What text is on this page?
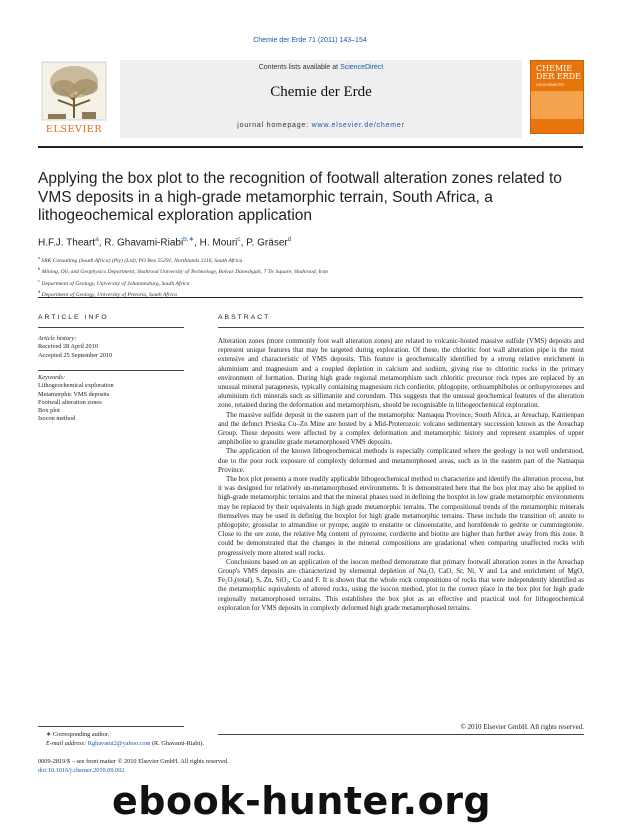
Chemie der Erde 71 (2011) 143–154
ELSEVIER
Contents lists available at ScienceDirect
Chemie der Erde
journal homepage: www.elsevier.de/chemer
CHEMIE
DER ERDE
GEOCHEMISTRY
Applying the box plot to the recognition of footwall alteration zones related to VMS deposits in a high-grade metamorphic terrain, South Africa, a lithogeochemical exploration application
H.F.J. Theart$^a$, R. Ghavami-Riabi$^{b,∗}$, H. Mouri$^c$, P. Gräser$^d$
$^a$ SRK Consulting (South Africa) (Pty) (Ltd), PO Box 55291, Northlands 2116, South Africa
$^b$ Mining, Oil, and Geophysics Department, Shahrood University of Technology, Bolvar Daneshgah, 7 Tir Square, Shahrood, Iran
$^c$ Department of Geology, University of Johannesburg, South Africa
$^d$ Department of Geology, University of Pretoria, South Africa
ARTICLE INFO
Article history:
Received 28 April 2010
Accepted 25 September 2010
Keywords:
Lithogeochemical exploration
Metamorphic VMS deposits
Footwall alteration zones
Box plot
Isocon method
ABSTRACT

Alteration zones (more commonly foot wall alteration zones) are related to volcanic-hosted massive sulfide (VMS) deposits and represent unique features that may be targeted during exploration. Of these, the chloritic foot wall alteration pipe is the most extensive and characteristic of VMS deposits. This feature is geochemically identified by a strong relative enrichment in aluminium and magnesium and a coupled depletion in calcium and sodium, giving rise to chloritic rocks in the primary environment of formation. During high grade regional metamorphism such chloritic precursor rock types are replaced by an unusual mineral paragenesis, typically containing magnesium rich cordierite, phlogopite, orthoamphiboles or orthopyroxenes and aluminium rich minerals such as sillimanite and corundum. This suggests that the unusual geochemical features of the alteration zone, retained during the deformation and metamorphism, should be recognisable in lithogeochemical exploration.

The massive sulfide deposit in the eastern part of the metamorphic Namaqua Province, South Africa, at Areachap, Kantienpan and the defunct Prieska Cu–Zn Mine are hosted by a Mid-Proterozoic volcano sedimentary succession known as the Areachap Group. These deposits were affected by a complex deformation and metamorphic history and represent examples of upper amphibolite to granulite grade metamorphosed VMS deposits.

The application of the known lithogeochemical methods is especially complicated where the geology is not well understood, due to the poor rock exposure of complexly deformed and metamorphosed areas, such as in the eastern part of the Namaqua Province.

The box plot presents a more readily applicable lithogeochemical method to characterize and identify the alteration process, but it was designed for relatively un-metamorphosed environments. It is demonstrated here that the box plot may also be applied to high-grade metamorphic terrains and that the mineral phases used in defining the boxplot in low grade metamorphic environments may be replaced by their equivalents in high grade metamorphic terrains. The compositional trends of the metamorphic minerals themselves may be used in defining the boxplot for high grade metamorphic terrains. These include the transition of: annite to phlogopite; grossular to almandine or pyrope, augite to enstatite or clinoenstatite, and hornblende to gedrite or cummingtonite. Close to the ore zone, the relative Mg content of pyroxene, cordierite and biotite are higher than further away from this zone. It could be demonstrated that the changes in the mineral compositions are gradational when comparing unaffected rocks with progressively more altered wall rocks.

Conclusions based on an application of the isocon method demonstrate that primary footwall alteration zones in the Areachap Group's VMS deposits are characterized by elemental depletion of Na₂O, CaO, Sr, Ni, V and La and enrichment of MgO, Fe₂O₃(total), S, Zn, SiO₂, Co and F. It is shown that the whole rock compositions of rocks that were independently identified as the metamorphic equivalents of altered rocks, using the isocon method, plot in the correct place in the box plot for high grade regionally metamorphosed terrains. This establishes the box plot as an effective and practical tool for lithogeochemical exploration for VMS deposits in complexly deformed high grade metamorphosed terrains.

© 2010 Elsevier GmbH. All rights reserved.
∗ Corresponding author.
E-mail address: Rghavami2@yahoo.com (R. Ghavami-Riabi).
0009-2819/$ – see front matter © 2010 Elsevier GmbH. All rights reserved.
doi:10.1016/j.chemer.2010.09.002
ebook-hunter.org
